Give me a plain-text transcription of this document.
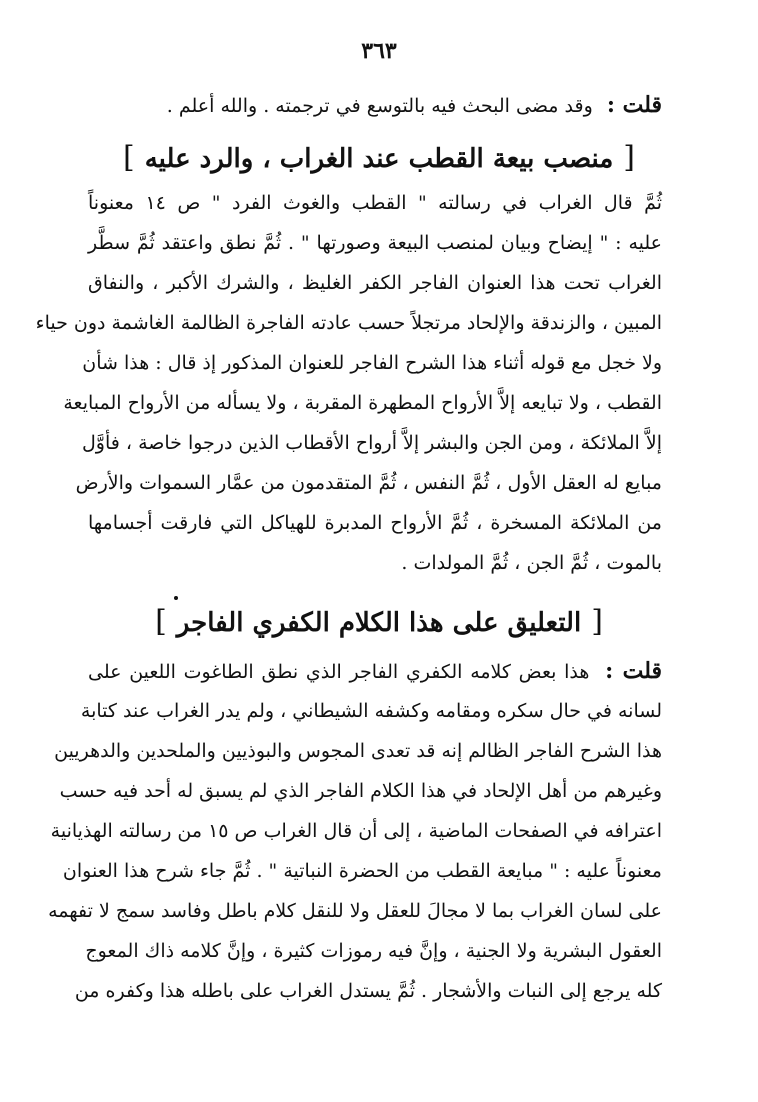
٣٦٣
قلت : وقد مضى البحث فيه بالتوسع في ترجمته . والله أعلم .
[منصب بيعة القطب عند الغراب ، والرد عليه]
ثُمَّ قال الغراب في رسالته " القطب والغوث الفرد " ص ١٤ معنوناً
عليه : " إيضاح وبيان لمنصب البيعة وصورتها " . ثُمَّ نطق واعتقد ثُمَّ سطَّر
الغراب تحت هذا العنوان الفاجر الكفر الغليظ ، والشرك الأكبر ، والنفاق
المبين ، والزندقة والإلحاد مرتجلاً حسب عادته الفاجرة الظالمة الغاشمة دون حياء
ولا خجل مع قوله أثناء هذا الشرح الفاجر للعنوان المذكور إذ قال : هذا شأن
القطب ، ولا تبايعه إلاَّ الأرواح المطهرة المقربة ، ولا يسأله من الأرواح المبايعة
إلاَّ الملائكة ، ومن الجن والبشر إلاَّ أرواح الأقطاب الذين درجوا خاصة ، فأوَّل
مبايع له العقل الأول ، ثُمَّ النفس ، ثُمَّ المتقدمون من عمَّار السموات والأرض
من الملائكة المسخرة ، ثُمَّ الأرواح المدبرة للهياكل التي فارقت أجسامها
بالموت ، ثُمَّ الجن ، ثُمَّ المولدات .
[التعليق على هذا الكلام الكفري الفاجر]
قلت : هذا بعض كلامه الكفري الفاجر الذي نطق الطاغوت اللعين على
لسانه في حال سكره ومقامه وكشفه الشيطاني ، ولم يدر الغراب عند كتابة
هذا الشرح الفاجر الظالم إنه قد تعدى المجوس والبوذيين والملحدين والدهريين
وغيرهم من أهل الإلحاد في هذا الكلام الفاجر الذي لم يسبق له أحد فيه حسب
اعترافه في الصفحات الماضية ، إلى أن قال الغراب ص ١٥ من رسالته الهذيانية
معنوناً عليه : " مبايعة القطب من الحضرة النباتية " . ثُمَّ جاء شرح هذا العنوان
على لسان الغراب بما لا مجالَ للعقل ولا للنقل كلام باطل وفاسد سمج لا تفهمه
العقول البشرية ولا الجنية ، وإنَّ فيه رموزات كثيرة ، وإنَّ كلامه ذاك المعوج
كله يرجع إلى النبات والأشجار . ثُمَّ يستدل الغراب على باطله هذا وكفره من
